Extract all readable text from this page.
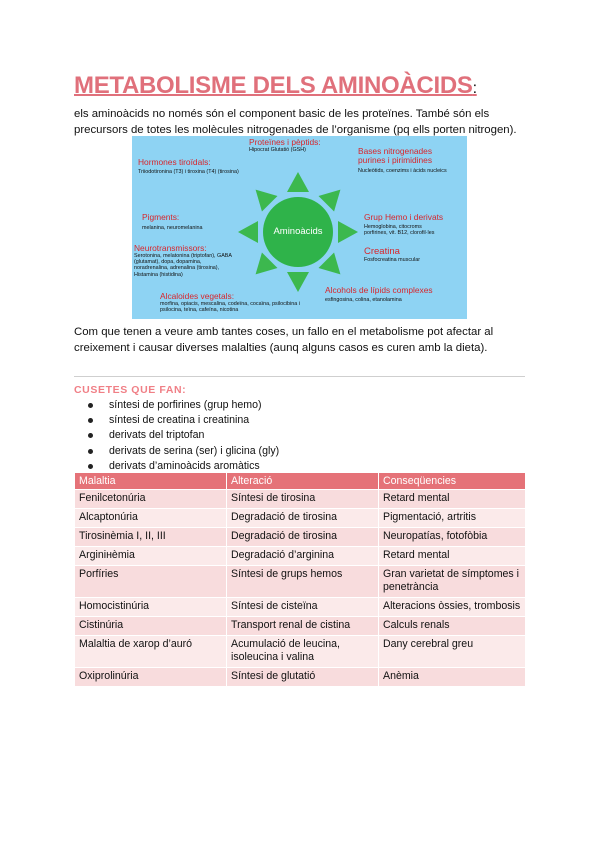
METABOLISME DELS AMINOÀCIDS:

els aminoàcids no només són el component basic de les proteïnes. També són els precursors de totes les molècules nitrogenades de l’organisme (pq ells porten nitrogen).

Aminoàcids
Proteïnes i pèptids:
Hipocrat Glutatió (GSH)
Hormones tiroïdals:
Triiodotironina (T3) i tiroxina (T4) (tirosina)
Bases nitrogenades
purines i pirimidines
Nucleòtids, coenzims i àcids nucleics
Pigments:
melanina, neuromelanina
Grup Hemo i derivats
Hemoglobina, citocroms
porfirines, vit. B12, clorofil·les
Neurotransmissors:
Serotonina, melatonina (triptofan), GABA
(glutamat), dopa, dopamina,
noradrenalina, adrenalina (tirosina),
Histamina (histidina)
Creatina
Fosfocreatina muscular
Alcaloides vegetals:
morfina, opiacis, mescalina, codeïna, cocaïna, psilocibina i
psilocina, teïna, cafeïna, nicotina
Alcohols de lípids complexes
esfingosina, colina, etanolamina

Com que tenen a veure amb tantes coses, un fallo en el metabolisme pot afectar al creixement i causar diverses malalties (aunq alguns casos es curen amb la dieta).

CUSETES QUE FAN:
síntesi de porfirines (grup hemo)
síntesi de creatina i creatinina
derivats del triptofan
derivats de serina (ser) i glicina (gly)
derivats d’aminoàcids aromàtics
Malaltia	Alteració	Conseqüencies
Fenilcetonúria	Síntesi de tirosina	Retard mental
Alcaptonúria	Degradació de tirosina	Pigmentació, artritis
Tirosinèmia I, II, III	Degradació de tirosina	Neuropatías, fotofòbia
Arginінèmia	Degradació d’arginina	Retard mental
Porfíries	Síntesi de grups hemos	Gran varietat de símptomes i penetrància
Homocistinúria	Síntesi de cisteïna	Alteracions òssies, trombosis
Cistinúria	Transport renal de cistina	Calculs renals
Malaltia de xarop d’auró	Acumulació de leucina, isoleucina i valina	Dany cerebral greu
Oxiprolinúria	Síntesi de glutatió	Anèmia
